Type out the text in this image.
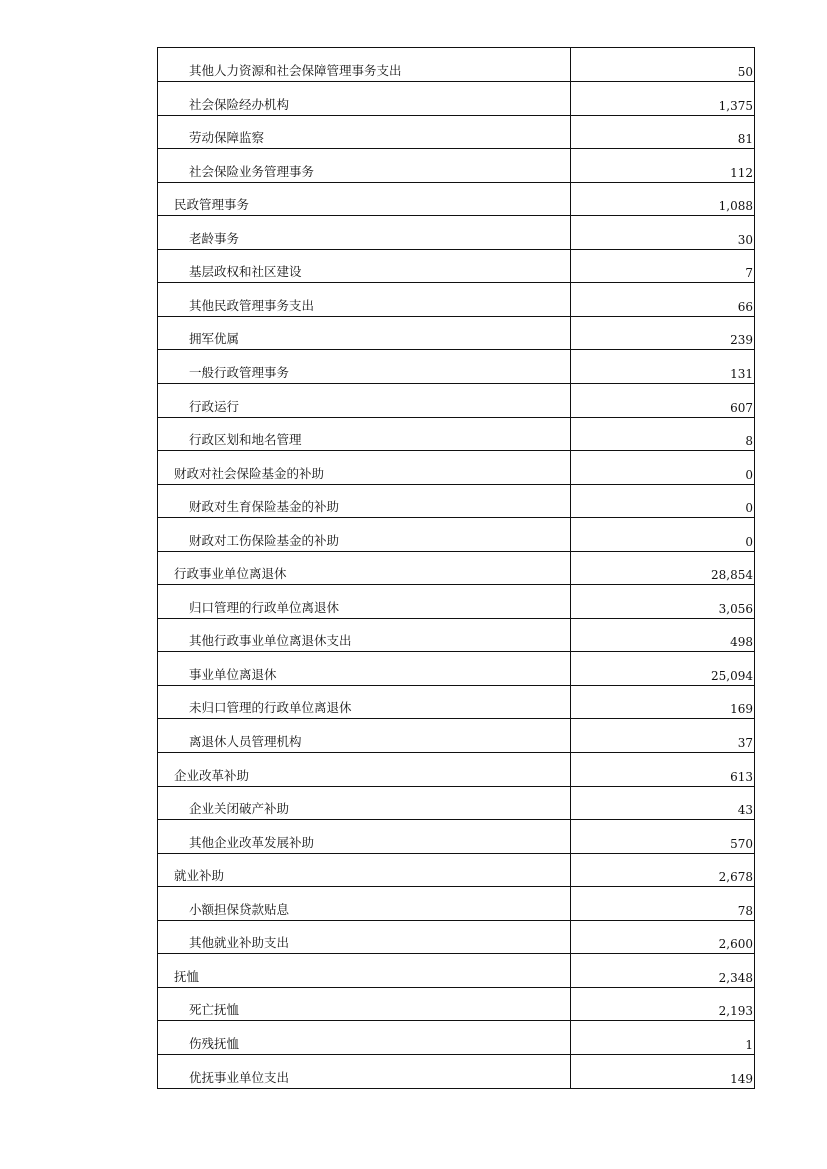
其他人力资源和社会保障管理事务支出	50
社会保险经办机构	1,375
劳动保障监察	81
社会保险业务管理事务	112
民政管理事务	1,088
老龄事务	30
基层政权和社区建设	7
其他民政管理事务支出	66
拥军优属	239
一般行政管理事务	131
行政运行	607
行政区划和地名管理	8
财政对社会保险基金的补助	0
财政对生育保险基金的补助	0
财政对工伤保险基金的补助	0
行政事业单位离退休	28,854
归口管理的行政单位离退休	3,056
其他行政事业单位离退休支出	498
事业单位离退休	25,094
未归口管理的行政单位离退休	169
离退休人员管理机构	37
企业改革补助	613
企业关闭破产补助	43
其他企业改革发展补助	570
就业补助	2,678
小额担保贷款贴息	78
其他就业补助支出	2,600
抚恤	2,348
死亡抚恤	2,193
伤残抚恤	1
优抚事业单位支出	149
